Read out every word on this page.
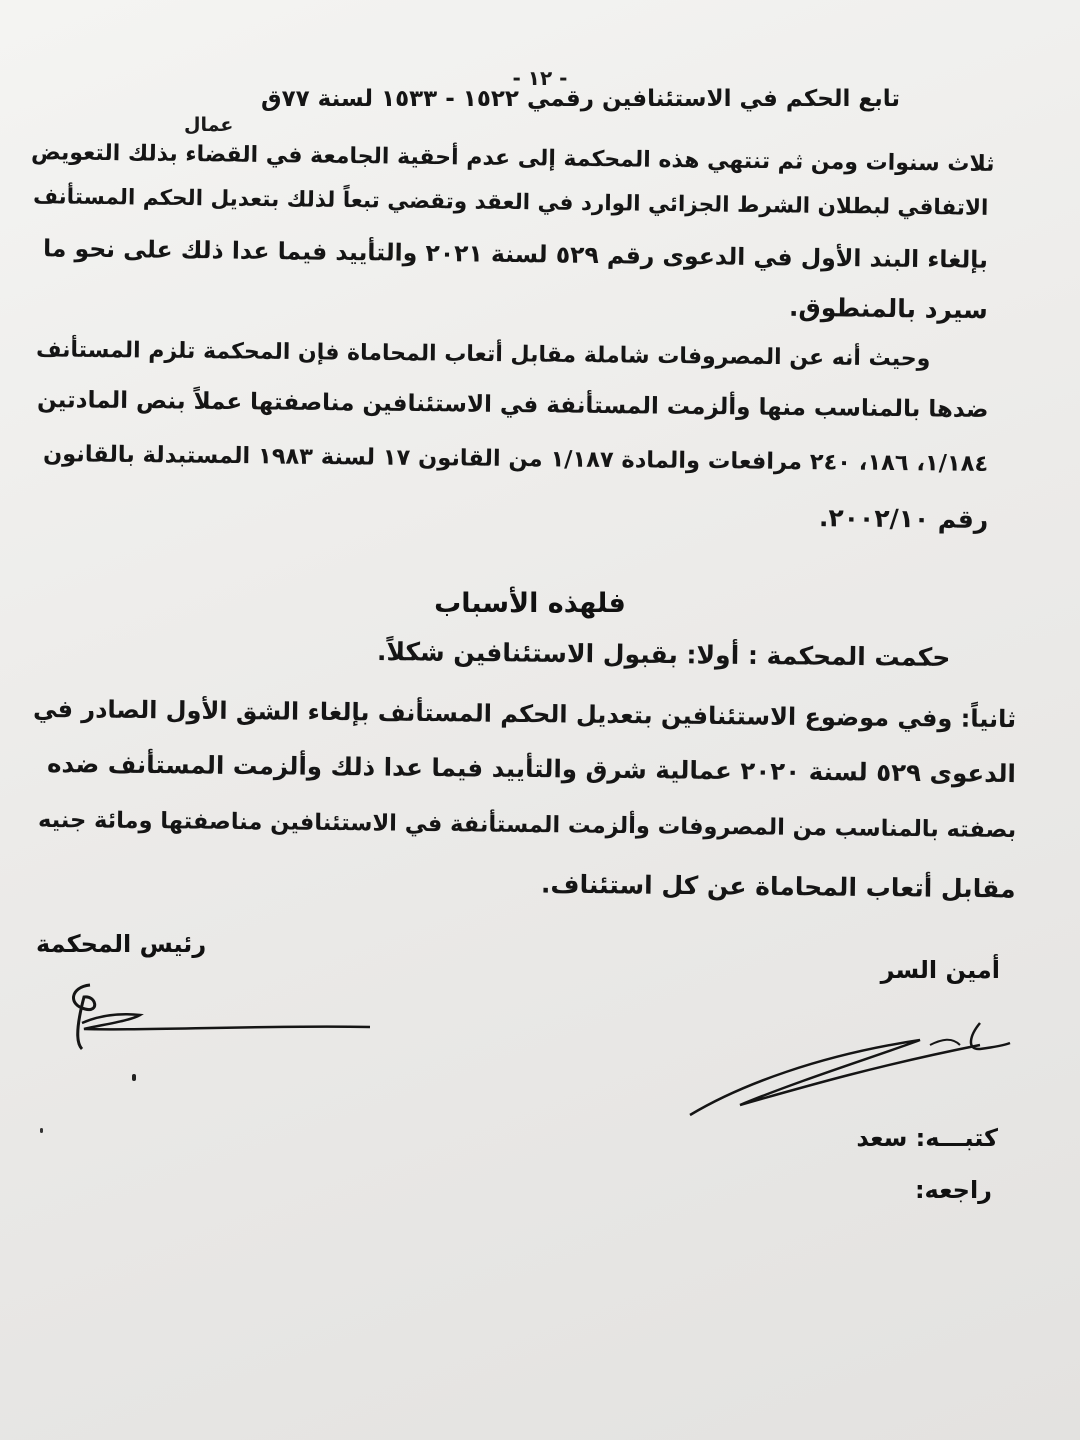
- ١٢ -
تابع الحكم في الاستئنافين رقمي ١٥٢٢ - ١٥٣٣ لسنة ٧٧ق
عمال
ثلاث سنوات ومن ثم تنتهي هذه المحكمة إلى عدم أحقية الجامعة في القضاء بذلك التعويض
الاتفاقي لبطلان الشرط الجزائي الوارد في العقد وتقضي تبعاً لذلك بتعديل الحكم المستأنف
بإلغاء البند الأول في الدعوى رقم ٥٢٩ لسنة ٢٠٢١ والتأييد فيما عدا ذلك على نحو ما
سيرد بالمنطوق.
وحيث أنه عن المصروفات شاملة مقابل أتعاب المحاماة فإن المحكمة تلزم المستأنف
ضدها بالمناسب منها وألزمت المستأنفة في الاستئنافين مناصفتها عملاً بنص المادتين
١/١٨٤، ١٨٦، ٢٤٠ مرافعات والمادة ١/١٨٧ من القانون ١٧ لسنة ١٩٨٣ المستبدلة بالقانون
رقم ٢٠٠٢/١٠.
فلهذه الأسباب
حكمت المحكمة : أولا: بقبول الاستئنافين شكلاً.
ثانياً: وفي موضوع الاستئنافين بتعديل الحكم المستأنف بإلغاء الشق الأول الصادر في
الدعوى ٥٢٩ لسنة ٢٠٢٠ عمالية شرق والتأييد فيما عدا ذلك وألزمت المستأنف ضده
بصفته بالمناسب من المصروفات وألزمت المستأنفة في الاستئنافين مناصفتها ومائة جنيه
مقابل أتعاب المحاماة عن كل استئناف.
رئيس المحكمة
أمين السر
كتبـــه: سعد
راجعه:
